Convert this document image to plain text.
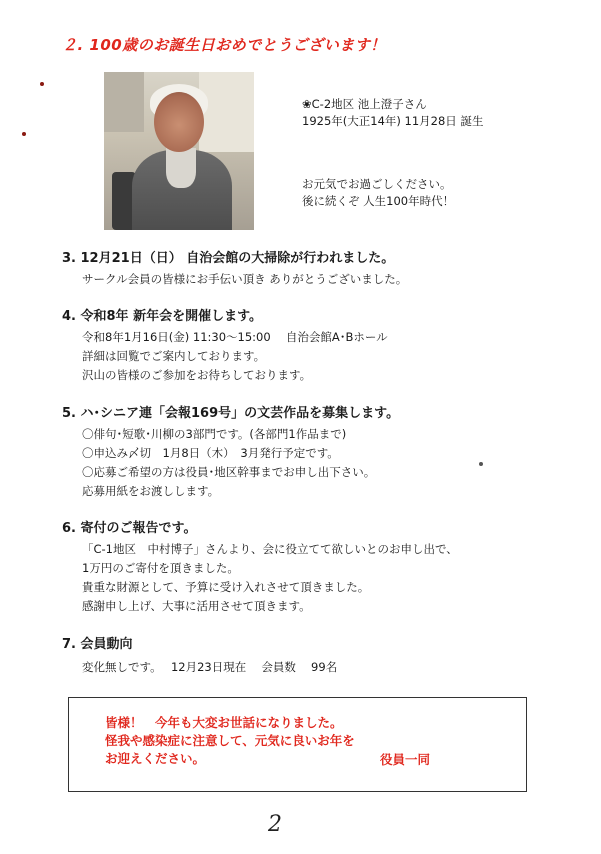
２. 100歳のお誕生日おめでとうございます！
❀C-2地区 池上澄子さん
1925年(大正14年) 11月28日 誕生
お元気でお過ごしください。
後に続くぞ 人生100年時代！
3. 12月21日（日） 自治会館の大掃除が行われました。
サークル会員の皆様にお手伝い頂き ありがとうございました。
4. 令和8年 新年会を開催します。
令和8年1月16日(金) 11:30～15:00　 自治会館A･Bホール
詳細は回覧でご案内しております。
沢山の皆様のご参加をお待ちしております。
5. ハ･シニア連「会報169号」の文芸作品を募集します。
〇俳句･短歌･川柳の3部門です。(各部門1作品まで)
〇申込み〆切　1月8日（木）　3月発行予定です。
〇応募ご希望の方は役員･地区幹事までお申し出下さい。
応募用紙をお渡しします。
6. 寄付のご報告です。
「C-1地区　中村博子」さんより、会に役立てて欲しいとのお申し出で、
1万円のご寄付を頂きました。
貴重な財源として、予算に受け入れさせて頂きました。
感謝申し上げ、大事に活用させて頂きます。
7. 会員動向
変化無しです。　 12月23日現在　 会員数　 99名
皆様！　今年も大変お世話になりました。
怪我や感染症に注意して、元気に良いお年を
お迎えください。	役員一同
2
